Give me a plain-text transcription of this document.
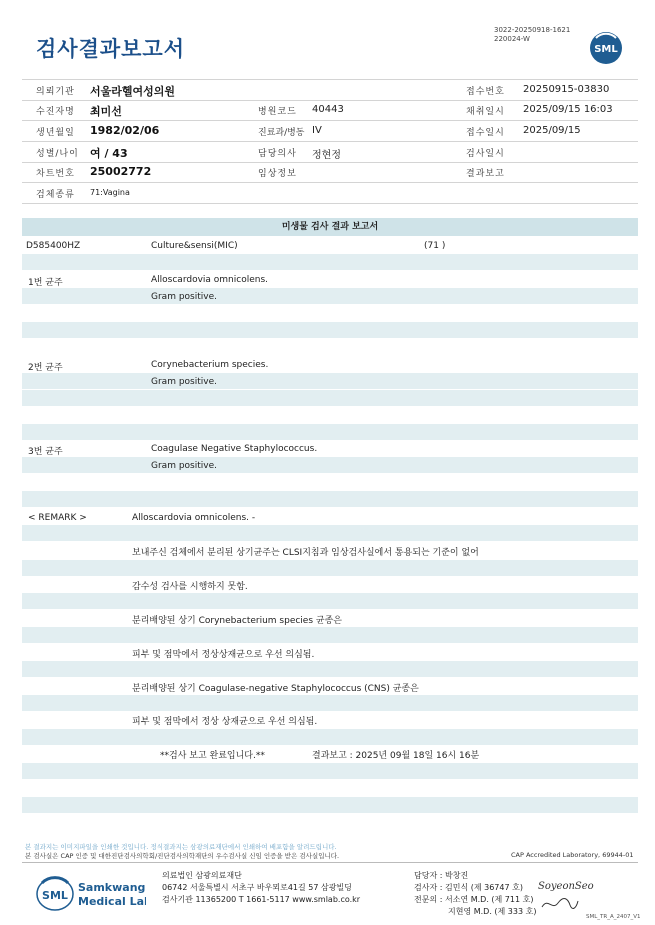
검사결과보고서
3022-20250918-1621
220024-W
SML
의뢰기관 서울라헬여성의원	접수번호 20250915-03830
수진자명 최미선	병원코드 40443	채취일시 2025/09/15 16:03
생년월일 1982/02/06	진료과/병동 IV	접수일시 2025/09/15
성별/나이 여 / 43	담당의사 정현정	검사일시
차트번호 25002772	임상정보	결과보고
검체종류 71:Vagina
미생물 검사 결과 보고서
D585400HZ	Culture&sensi(MIC)	(71 )
1번 균주	Alloscardovia omnicolens.
Gram positive.
2번 균주	Corynebacterium species.
Gram positive.
3번 균주	Coagulase Negative Staphylococcus.
Gram positive.
< REMARK >	Alloscardovia omnicolens. -
보내주신 검체에서 분리된 상기균주는 CLSI지침과 임상검사실에서 통용되는 기준이 없어
감수성 검사를 시행하지 못함.
분리배양된 상기 Corynebacterium species 균종은
피부 및 점막에서 정상상재균으로 우선 의심됨.
분리배양된 상기 Coagulase-negative Staphylococcus (CNS) 균종은
피부 및 점막에서 정상 상재균으로 우선 의심됨.
**검사 보고 완료입니다.**	결과보고 : 2025년 09월 18일 16시 16분
본 결과지는 이미지파일을 인쇄한 것입니다. 정식결과지는 삼광의료재단에서 인쇄하여 배포함을 알려드립니다.
본 검사실은 CAP 인증 및 대한진단검사의학회/진단검사의학재단의 우수검사실 신임 인증을 받은 검사실입니다.	CAP Accredited Laboratory, 69944-01
SML
Samkwang
Medical Lab
의료법인 삼광의료재단
06742 서울특별시 서초구 바우뫼로41길 57 삼광빌딩
검사기관 11365200 T 1661-5117 www.smlab.co.kr
담당자 : 박창진
검사자 : 김민식 (제 36747 호)
전문의 : 서소연 M.D. (제 711 호)
지현영 M.D. (제 333 호)
SoyeonSeo
SML_TR_A_2407_V1
